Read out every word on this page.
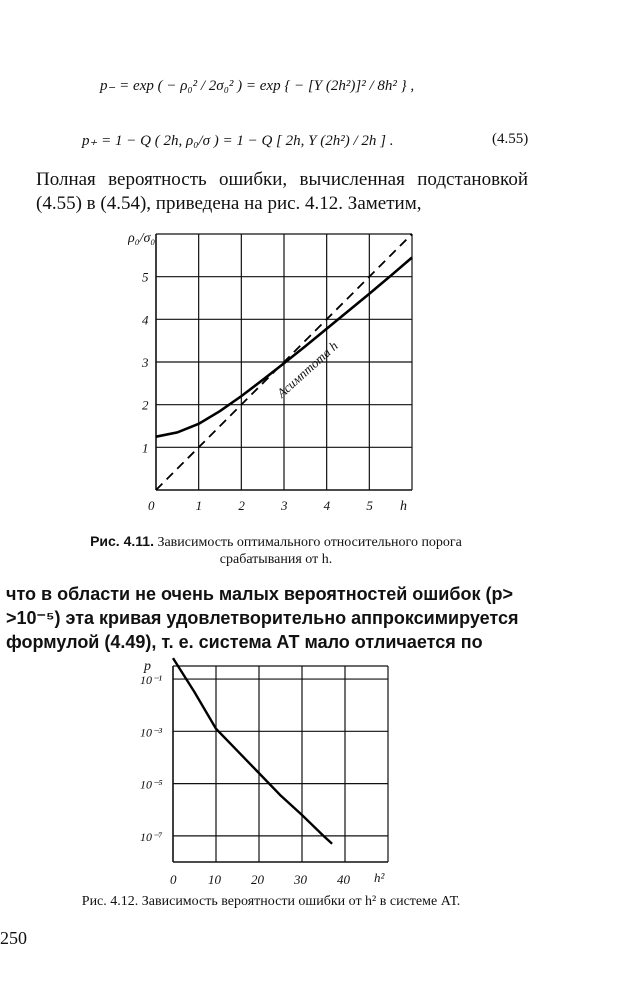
p₋ = exp ( − ρ₀² / 2σ₀² ) = exp { − [Υ (2h²)]² / 8h² } ,
p₊ = 1 − Q ( 2h, ρ₀/σ ) = 1 − Q [ 2h, Υ (2h²) / 2h ] .	(4.55)
Полная вероятность ошибки, вычисленная подстановкой (4.55) в (4.54), приведена на рис. 4.12. Заметим,
0	1	2	3	4	5
1
2
3
4
5
h
ρ₀/σ₀
Асимптота h
Рис. 4.11. Зависимость оптимального относительного порога срабатывания от h.
что в области не очень малых вероятностей ошибок (p> >10⁻⁵) эта кривая удовлетворительно аппроксимируется формулой (4.49), т. е. система АТ мало отличается по
0 10 20 30 40
10⁻¹
10⁻³
10⁻⁵
10⁻⁷
h²
p
Рис. 4.12. Зависимость вероятности ошибки от h² в системе АТ.
250
